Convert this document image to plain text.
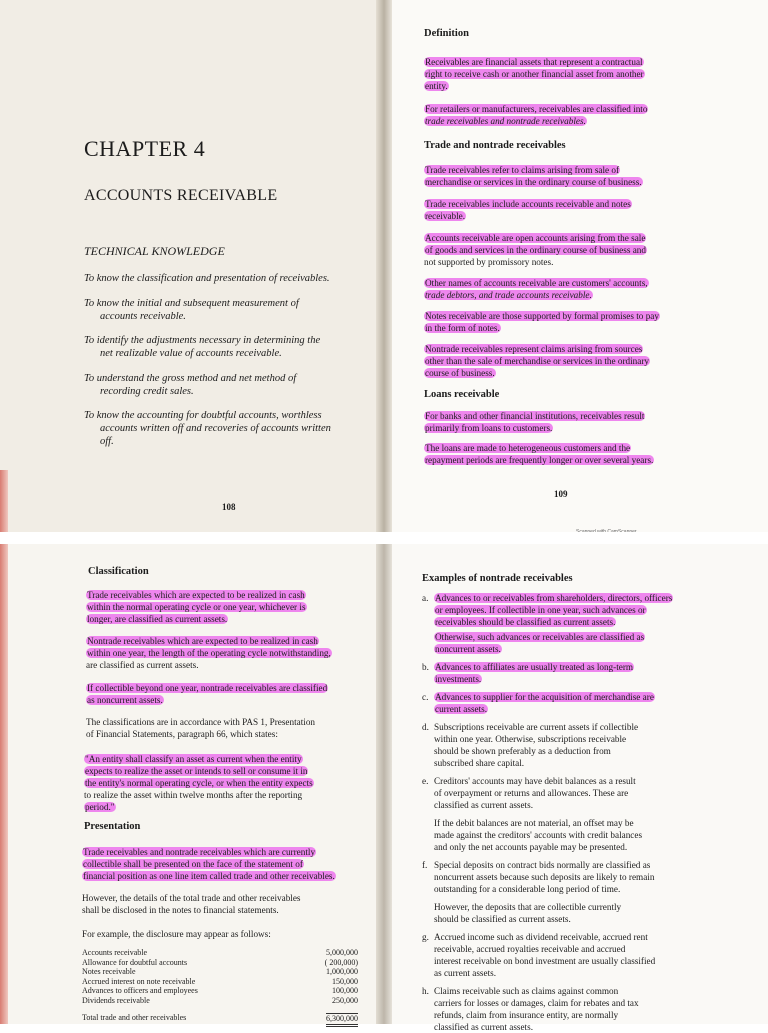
CHAPTER 4
ACCOUNTS RECEIVABLE
TECHNICAL KNOWLEDGE
To know the classification and presentation of receivables.
To know the initial and subsequent measurement of
accounts receivable.
To identify the adjustments necessary in determining the
net realizable value of accounts receivable.
To understand the gross method and net method of
recording credit sales.
To know the accounting for doubtful accounts, worthless
accounts written off and recoveries of accounts written
off.
108
Definition
Receivables are financial assets that represent a contractual
right to receive cash or another financial asset from another
entity.
For retailers or manufacturers, receivables are classified into
trade receivables and nontrade receivables.
Trade and nontrade receivables
Trade receivables refer to claims arising from sale of
merchandise or services in the ordinary course of business.
Trade receivables include accounts receivable and notes
receivable.
Accounts receivable are open accounts arising from the sale
of goods and services in the ordinary course of business and
not supported by promissory notes.
Other names of accounts receivable are customers' accounts,
trade debtors, and trade accounts receivable.
Notes receivable are those supported by formal promises to pay
in the form of notes.
Nontrade receivables represent claims arising from sources
other than the sale of merchandise or services in the ordinary
course of business.
Loans receivable
For banks and other financial institutions, receivables result
primarily from loans to customers.
The loans are made to heterogeneous customers and the
repayment periods are frequently longer or over several years.
109
Classification
Trade receivables which are expected to be realized in cash
within the normal operating cycle or one year, whichever is
longer, are classified as current assets.
Nontrade receivables which are expected to be realized in cash
within one year, the length of the operating cycle notwithstanding,
are classified as current assets.
If collectible beyond one year, nontrade receivables are classified
as noncurrent assets.
The classifications are in accordance with PAS 1, Presentation
of Financial Statements, paragraph 66, which states:
"An entity shall classify an asset as current when the entity
expects to realize the asset or intends to sell or consume it in
the entity's normal operating cycle, or when the entity expects
to realize the asset within twelve months after the reporting
period."
Presentation
Trade receivables and nontrade receivables which are currently
collectible shall be presented on the face of the statement of
financial position as one line item called trade and other receivables.
However, the details of the total trade and other receivables
shall be disclosed in the notes to financial statements.
For example, the disclosure may appear as follows:
Accounts receivable	5,000,000
Allowance for doubtful accounts	( 200,000)
Notes receivable	1,000,000
Accrued interest on note receivable	150,000
Advances to officers and employees	100,000
Dividends receivable	250,000
Total trade and other receivables	6,300,000
Examples of nontrade receivables
a. Advances to or receivables from shareholders, directors, officers
or employees. If collectible in one year, such advances or
receivables should be classified as current assets.
Otherwise, such advances or receivables are classified as
noncurrent assets.
b. Advances to affiliates are usually treated as long-term
investments.
c. Advances to supplier for the acquisition of merchandise are
current assets.
d. Subscriptions receivable are current assets if collectible
within one year. Otherwise, subscriptions receivable
should be shown preferably as a deduction from
subscribed share capital.
e. Creditors' accounts may have debit balances as a result
of overpayment or returns and allowances. These are
classified as current assets.
If the debit balances are not material, an offset may be
made against the creditors' accounts with credit balances
and only the net accounts payable may be presented.
f. Special deposits on contract bids normally are classified as
noncurrent assets because such deposits are likely to remain
outstanding for a considerable long period of time.
However, the deposits that are collectible currently
should be classified as current assets.
g. Accrued income such as dividend receivable, accrued rent
receivable, accrued royalties receivable and accrued
interest receivable on bond investment are usually classified
as current assets.
h. Claims receivable such as claims against common
carriers for losses or damages, claim for rebates and tax
refunds, claim from insurance entity, are normally
classified as current assets.
